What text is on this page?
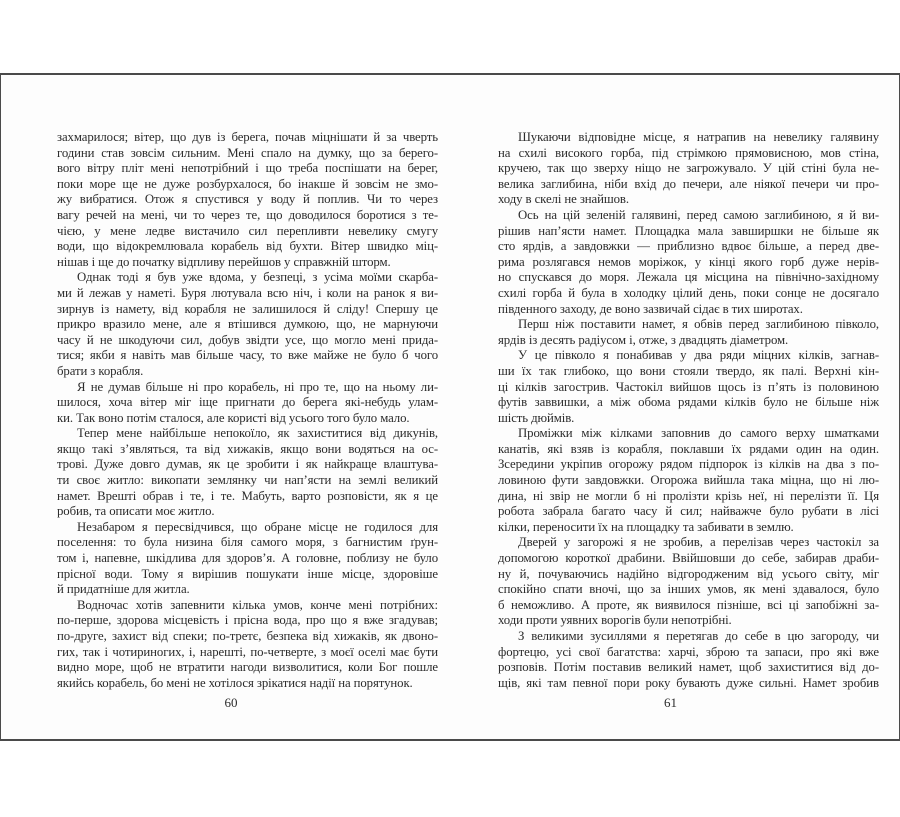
захмарилося; вітер, що дув із берега, почав міцнішати й за чверть
години став зовсім сильним. Мені спало на думку, що за берего-
вого вітру пліт мені непотрібний і що треба поспішати на берег,
поки море ще не дуже розбурхалося, бо інакше й зовсім не змо-
жу вибратися. Отож я спустився у воду й поплив. Чи то через
вагу речей на мені, чи то через те, що доводилося боротися з те-
чією, у мене ледве вистачило сил перепливти невелику смугу
води, що відокремлювала корабель від бухти. Вітер швидко міц-
нішав і ще до початку відпливу перейшов у справжній шторм.
Однак тоді я був уже вдома, у безпеці, з усіма моїми скарба-
ми й лежав у наметі. Буря лютувала всю ніч, і коли на ранок я ви-
зирнув із намету, від корабля не залишилося й сліду! Спершу це
прикро вразило мене, але я втішився думкою, що, не марнуючи
часу й не шкодуючи сил, добув звідти усе, що могло мені прида-
тися; якби я навіть мав більше часу, то вже майже не було б чого
брати з корабля.
Я не думав більше ні про корабель, ні про те, що на ньому ли-
шилося, хоча вітер міг іще пригнати до берега які-небудь улам-
ки. Так воно потім сталося, але користі від усього того було мало.
Тепер мене найбільше непокоїло, як захиститися від дикунів,
якщо такі з’являться, та від хижаків, якщо вони водяться на ос-
трові. Дуже довго думав, як це зробити і як найкраще влаштува-
ти своє житло: викопати землянку чи нап’ясти на землі великий
намет. Врешті обрав і те, і те. Мабуть, варто розповісти, як я це
робив, та описати моє житло.
Незабаром я пересвідчився, що обране місце не годилося для
поселення: то була низина біля самого моря, з багнистим ґрун-
том і, напевне, шкідлива для здоров’я. А головне, поблизу не було
прісної води. Тому я вирішив пошукати інше місце, здоровіше
й придатніше для житла.
Водночас хотів запевнити кілька умов, конче мені потрібних:
по-перше, здорова місцевість і прісна вода, про що я вже згадував;
по-друге, захист від спеки; по-третє, безпека від хижаків, як двоно-
гих, так і чотириногих, і, нарешті, по-четверте, з моєї оселі має бути
видно море, щоб не втратити нагоди визволитися, коли Бог пошле
якийсь корабель, бо мені не хотілося зрікатися надії на порятунок.
Шукаючи відповідне місце, я натрапив на невелику галявину
на схилі високого горба, під стрімкою прямовисною, мов стіна,
кручею, так що зверху ніщо не загрожувало. У цій стіні була не-
велика заглибина, ніби вхід до печери, але ніякої печери чи про-
ходу в скелі не знайшов.
Ось на цій зеленій галявині, перед самою заглибиною, я й ви-
рішив нап’ясти намет. Площадка мала завширшки не більше як
сто ярдів, а завдовжки — приблизно вдвоє більше, а перед две-
рима розлягався немов моріжок, у кінці якого горб дуже нерів-
но спускався до моря. Лежала ця місцина на північно-західному
схилі горба й була в холодку цілий день, поки сонце не досягало
південного заходу, де воно зазвичай сідає в тих широтах.
Перш ніж поставити намет, я обвів перед заглибиною півколо,
ярдів із десять радіусом і, отже, з двадцять діаметром.
У це півколо я понабивав у два ряди міцних кілків, загнав-
ши їх так глибоко, що вони стояли твердо, як палі. Верхні кін-
ці кілків загострив. Частокіл вийшов щось із п’ять із половиною
футів заввишки, а між обома рядами кілків було не більше ніж
шість дюймів.
Проміжки між кілками заповнив до самого верху шматками
канатів, які взяв із корабля, поклавши їх рядами один на один.
Зсередини укріпив огорожу рядом підпорок із кілків на два з по-
ловиною фути завдовжки. Огорожа вийшла така міцна, що ні лю-
дина, ні звір не могли б ні пролізти крізь неї, ні перелізти її. Ця
робота забрала багато часу й сил; найважче було рубати в лісі
кілки, переносити їх на площадку та забивати в землю.
Дверей у загорожі я не зробив, а перелізав через частокіл за
допомогою короткої драбини. Ввійшовши до себе, забирав драби-
ну й, почуваючись надійно відгородженим від усього світу, міг
спокійно спати вночі, що за інших умов, як мені здавалося, було
б неможливо. А проте, як виявилося пізніше, всі ці запобіжні за-
ходи проти уявних ворогів були непотрібні.
З великими зусиллями я перетягав до себе в цю загороду, чи
фортецю, усі свої багатства: харчі, зброю та запаси, про які вже
розповів. Потім поставив великий намет, щоб захиститися від до-
щів, які там певної пори року бувають дуже сильні. Намет зробив
60	61
